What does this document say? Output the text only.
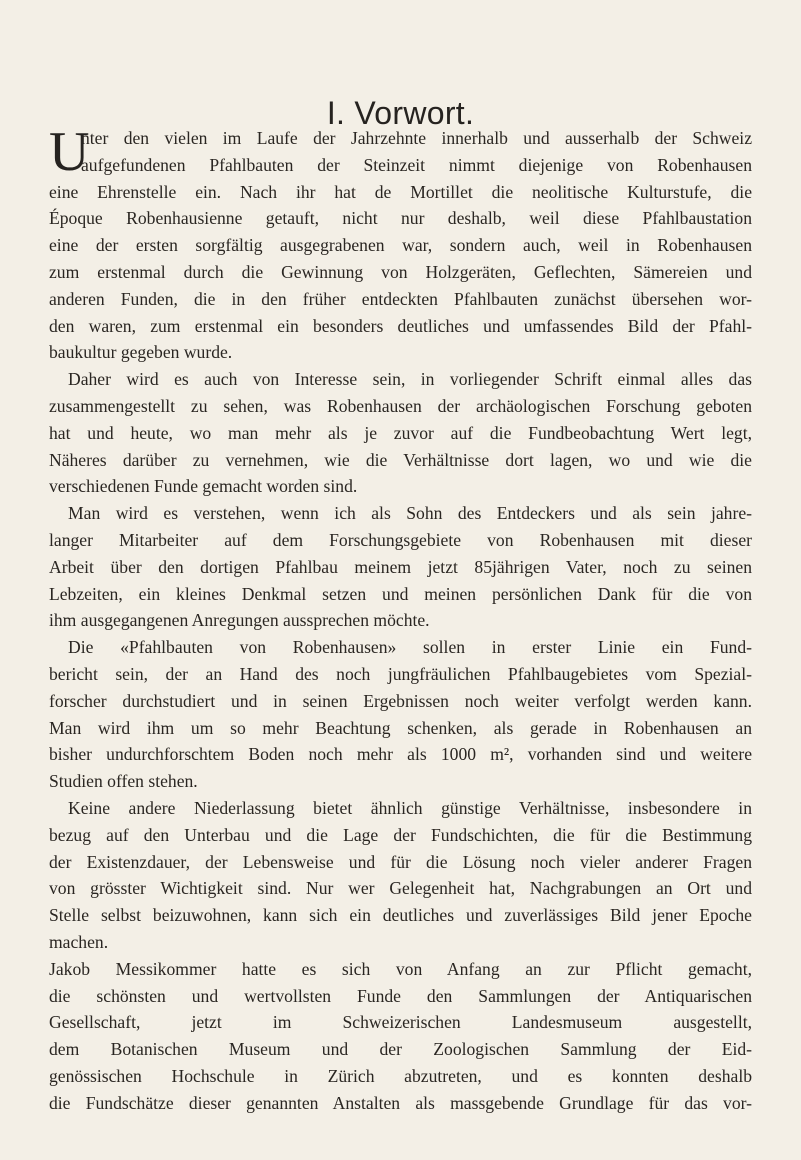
I. Vorwort.
U
nter den vielen im Laufe der Jahrzehnte innerhalb und ausserhalb der Schweiz
aufgefundenen Pfahlbauten der Steinzeit nimmt diejenige von Robenhausen
eine Ehrenstelle ein. Nach ihr hat de Mortillet die neolitische Kulturstufe, die
Époque Robenhausienne getauft, nicht nur deshalb, weil diese Pfahlbaustation
eine der ersten sorgfältig ausgegrabenen war, sondern auch, weil in Robenhausen
zum erstenmal durch die Gewinnung von Holzgeräten, Geflechten, Sämereien und
anderen Funden, die in den früher entdeckten Pfahlbauten zunächst übersehen wor-
den waren, zum erstenmal ein besonders deutliches und umfassendes Bild der Pfahl-
baukultur gegeben wurde.
Daher wird es auch von Interesse sein, in vorliegender Schrift einmal alles das
zusammengestellt zu sehen, was Robenhausen der archäologischen Forschung geboten
hat und heute, wo man mehr als je zuvor auf die Fundbeobachtung Wert legt,
Näheres darüber zu vernehmen, wie die Verhältnisse dort lagen, wo und wie die
verschiedenen Funde gemacht worden sind.
Man wird es verstehen, wenn ich als Sohn des Entdeckers und als sein jahre-
langer Mitarbeiter auf dem Forschungsgebiete von Robenhausen mit dieser
Arbeit über den dortigen Pfahlbau meinem jetzt 85jährigen Vater, noch zu seinen
Lebzeiten, ein kleines Denkmal setzen und meinen persönlichen Dank für die von
ihm ausgegangenen Anregungen aussprechen möchte.
Die «Pfahlbauten von Robenhausen» sollen in erster Linie ein Fund-
bericht sein, der an Hand des noch jungfräulichen Pfahlbaugebietes vom Spezial-
forscher durchstudiert und in seinen Ergebnissen noch weiter verfolgt werden kann.
Man wird ihm um so mehr Beachtung schenken, als gerade in Robenhausen an
bisher undurchforschtem Boden noch mehr als 1000 m², vorhanden sind und weitere
Studien offen stehen.
Keine andere Niederlassung bietet ähnlich günstige Verhältnisse, insbesondere in
bezug auf den Unterbau und die Lage der Fundschichten, die für die Bestimmung
der Existenzdauer, der Lebensweise und für die Lösung noch vieler anderer Fragen
von grösster Wichtigkeit sind. Nur wer Gelegenheit hat, Nachgrabungen an Ort und
Stelle selbst beizuwohnen, kann sich ein deutliches und zuverlässiges Bild jener Epoche
machen.
Jakob Messikommer hatte es sich von Anfang an zur Pflicht gemacht,
die schönsten und wertvollsten Funde den Sammlungen der Antiquarischen
Gesellschaft, jetzt im Schweizerischen Landesmuseum ausgestellt,
dem Botanischen Museum und der Zoologischen Sammlung der Eid-
genössischen Hochschule in Zürich abzutreten, und es konnten deshalb
die Fundschätze dieser genannten Anstalten als massgebende Grundlage für das vor-
